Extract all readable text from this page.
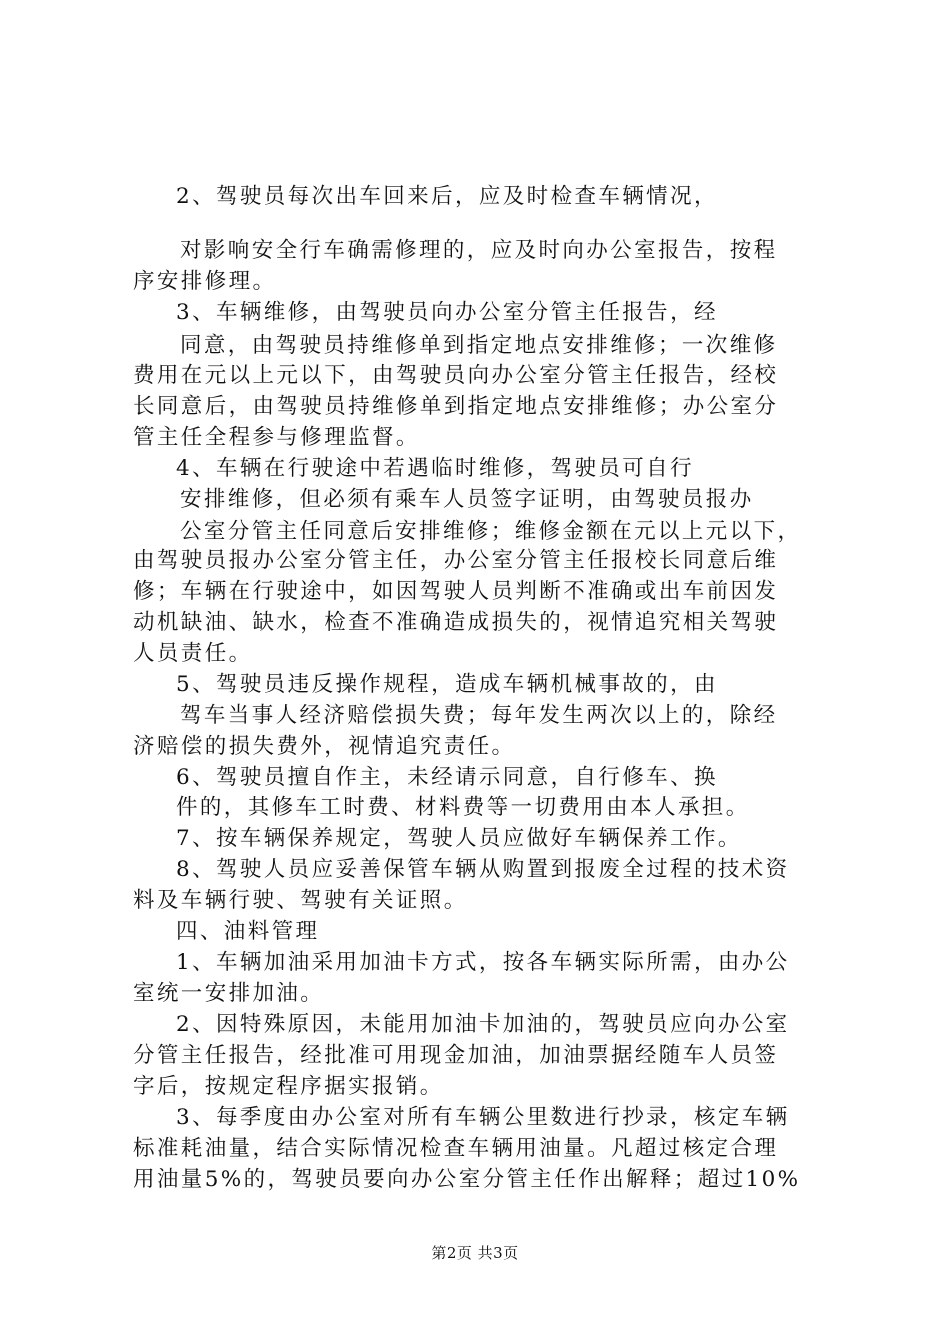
2、驾驶员每次出车回来后，应及时检查车辆情况，
对影响安全行车确需修理的，应及时向办公室报告，按程
序安排修理。
3、车辆维修，由驾驶员向办公室分管主任报告，经
同意，由驾驶员持维修单到指定地点安排维修；一次维修
费用在元以上元以下，由驾驶员向办公室分管主任报告，经校
长同意后，由驾驶员持维修单到指定地点安排维修；办公室分
管主任全程参与修理监督。
4、车辆在行驶途中若遇临时维修，驾驶员可自行
安排维修，但必须有乘车人员签字证明，由驾驶员报办
公室分管主任同意后安排维修；维修金额在元以上元以下，
由驾驶员报办公室分管主任，办公室分管主任报校长同意后维
修；车辆在行驶途中，如因驾驶人员判断不准确或出车前因发
动机缺油、缺水，检查不准确造成损失的，视情追究相关驾驶
人员责任。
5、驾驶员违反操作规程，造成车辆机械事故的，由
驾车当事人经济赔偿损失费；每年发生两次以上的，除经
济赔偿的损失费外，视情追究责任。
6、驾驶员擅自作主，未经请示同意，自行修车、换
件的，其修车工时费、材料费等一切费用由本人承担。
7、按车辆保养规定，驾驶人员应做好车辆保养工作。
8、驾驶人员应妥善保管车辆从购置到报废全过程的技术资
料及车辆行驶、驾驶有关证照。
四、油料管理
1、车辆加油采用加油卡方式，按各车辆实际所需，由办公
室统一安排加油。
2、因特殊原因，未能用加油卡加油的，驾驶员应向办公室
分管主任报告，经批准可用现金加油，加油票据经随车人员签
字后，按规定程序据实报销。
3、每季度由办公室对所有车辆公里数进行抄录，核定车辆
标准耗油量，结合实际情况检查车辆用油量。凡超过核定合理
用油量5%的，驾驶员要向办公室分管主任作出解释；超过10%
第2页 共3页
